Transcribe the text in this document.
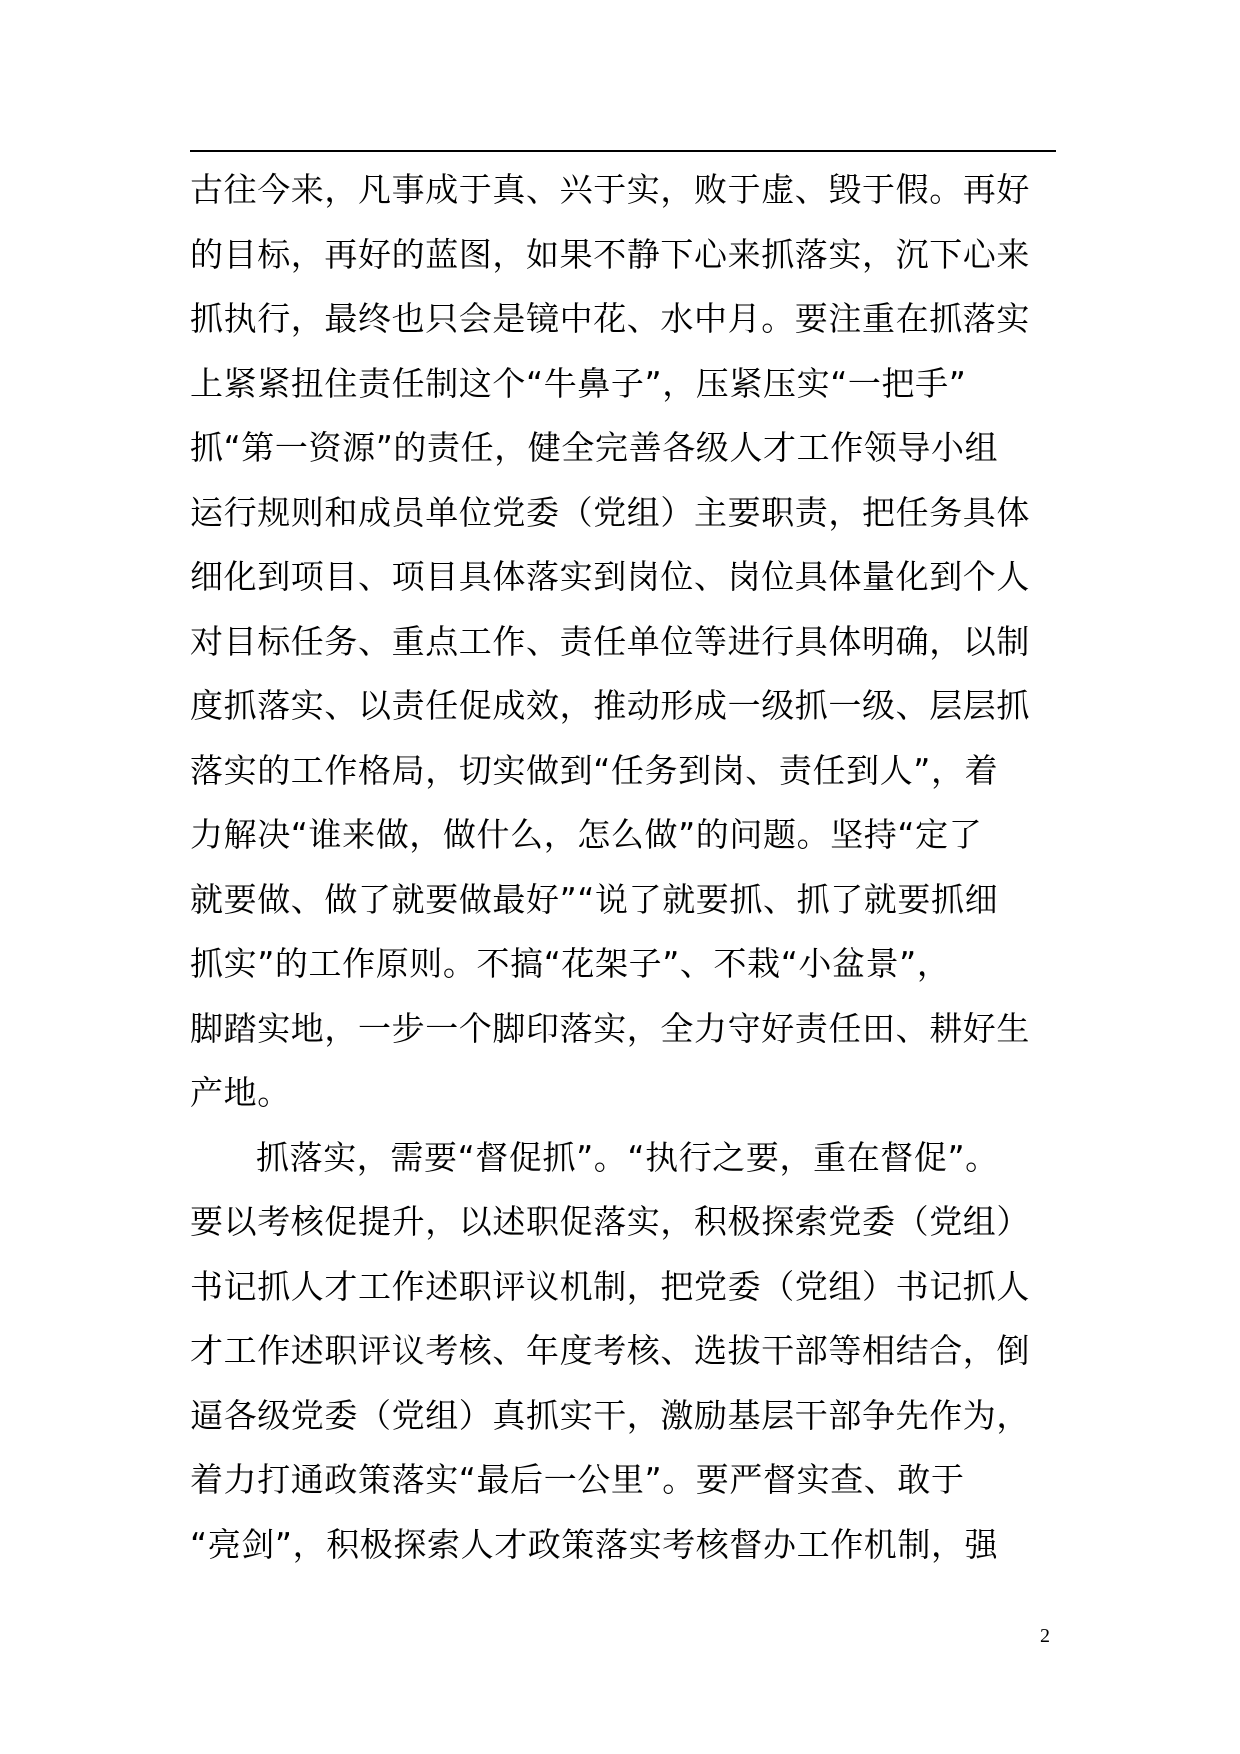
古往今来，凡事成于真、兴于实，败于虚、毁于假。再好
的目标，再好的蓝图，如果不静下心来抓落实，沉下心来
抓执行，最终也只会是镜中花、水中月。要注重在抓落实
上紧紧扭住责任制这个“牛鼻子”，压紧压实“一把手”
抓“第一资源”的责任，健全完善各级人才工作领导小组
运行规则和成员单位党委（党组）主要职责，把任务具体
细化到项目、项目具体落实到岗位、岗位具体量化到个人
对目标任务、重点工作、责任单位等进行具体明确，以制
度抓落实、以责任促成效，推动形成一级抓一级、层层抓
落实的工作格局，切实做到“任务到岗、责任到人”，着
力解决“谁来做，做什么，怎么做”的问题。坚持“定了
就要做、做了就要做最好”“说了就要抓、抓了就要抓细
抓实”的工作原则。不搞“花架子”、不栽“小盆景”，
脚踏实地，一步一个脚印落实，全力守好责任田、耕好生
产地。
抓落实，需要“督促抓”。“执行之要，重在督促”。
要以考核促提升，以述职促落实，积极探索党委（党组）
书记抓人才工作述职评议机制，把党委（党组）书记抓人
才工作述职评议考核、年度考核、选拔干部等相结合，倒
逼各级党委（党组）真抓实干，激励基层干部争先作为，
着力打通政策落实“最后一公里”。要严督实查、敢于
“亮剑”，积极探索人才政策落实考核督办工作机制，强
2
